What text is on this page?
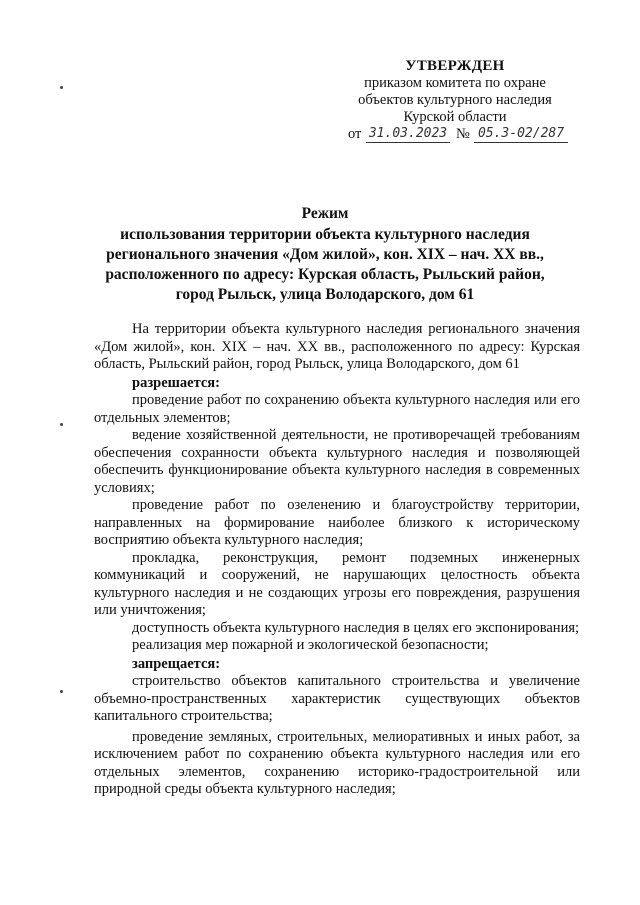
УТВЕРЖДЕН
приказом комитета по охране
объектов культурного наследия
Курской области
от 31.03.2023 № 05.3-02/287
Режим
использования территории объекта культурного наследия
регионального значения «Дом жилой», кон. XIX – нач. XX вв.,
расположенного по адресу: Курская область, Рыльский район,
город Рыльск, улица Володарского, дом 61

На территории объекта культурного наследия регионального значения «Дом жилой», кон. XIX – нач. XX вв., расположенного по адресу: Курская область, Рыльский район, город Рыльск, улица Володарского, дом 61

разрешается:

проведение работ по сохранению объекта культурного наследия или его отдельных элементов;

ведение хозяйственной деятельности, не противоречащей требованиям обеспечения сохранности объекта культурного наследия и позволяющей обеспечить функционирование объекта культурного наследия в современных условиях;

проведение работ по озеленению и благоустройству территории, направленных на формирование наиболее близкого к историческому восприятию объекта культурного наследия;

прокладка, реконструкция, ремонт подземных инженерных коммуникаций и сооружений, не нарушающих целостность объекта культурного наследия и не создающих угрозы его повреждения, разрушения или уничтожения;

доступность объекта культурного наследия в целях его экспонирования;

реализация мер пожарной и экологической безопасности;

запрещается:

строительство объектов капитального строительства и увеличение объемно-пространственных характеристик существующих объектов капитального строительства;

проведение земляных, строительных, мелиоративных и иных работ, за исключением работ по сохранению объекта культурного наследия или его отдельных элементов, сохранению историко-градостроительной или природной среды объекта культурного наследия;
